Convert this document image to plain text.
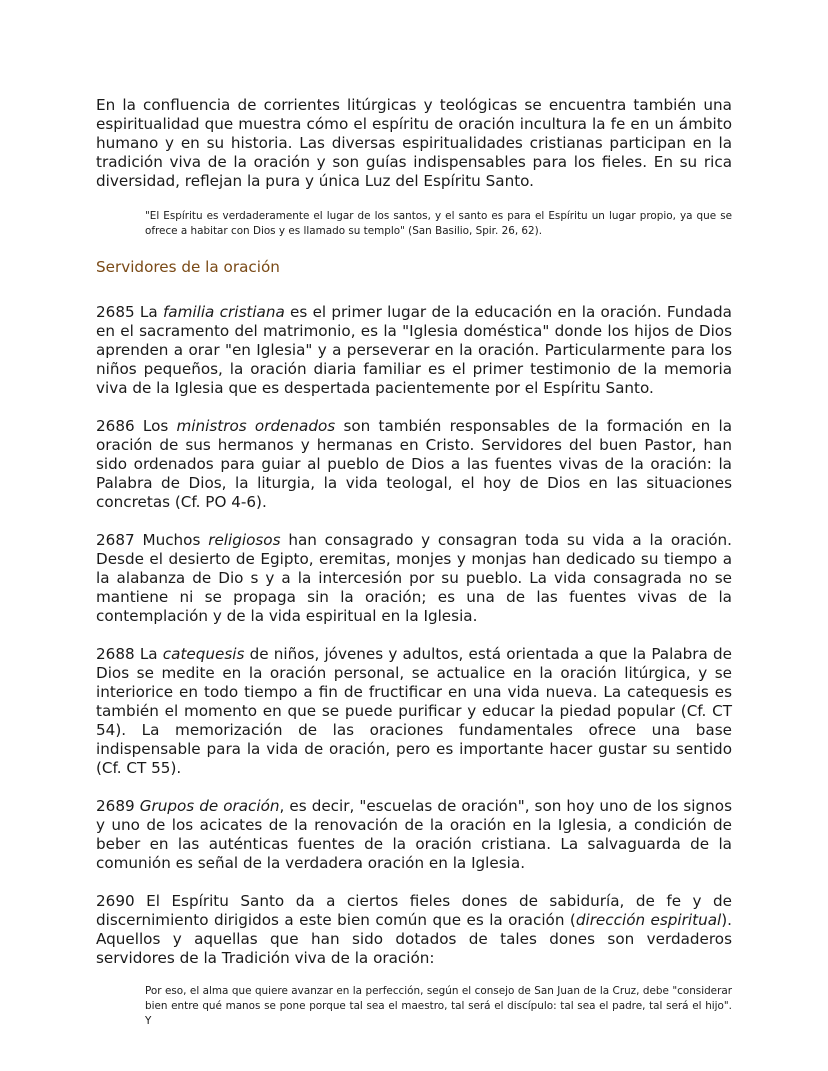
En la confluencia de corrientes litúrgicas y teológicas se encuentra también una espiritualidad que muestra cómo el espíritu de oración incultura la fe en un ámbito humano y en su historia. Las diversas espiritualidades cristianas participan en la tradición viva de la oración y son guías indispensables para los fieles. En su rica diversidad, reflejan la pura y única Luz del Espíritu Santo.

"El Espíritu es verdaderamente el lugar de los santos, y el santo es para el Espíritu un lugar propio, ya que se ofrece a habitar con Dios y es llamado su templo" (San Basilio, Spir. 26, 62).

Servidores de la oración

2685 La familia cristiana es el primer lugar de la educación en la oración. Fundada en el sacramento del matrimonio, es la "Iglesia doméstica" donde los hijos de Dios aprenden a orar "en Iglesia" y a perseverar en la oración. Particularmente para los niños pequeños, la oración diaria familiar es el primer testimonio de la memoria viva de la Iglesia que es despertada pacientemente por el Espíritu Santo.

2686 Los ministros ordenados son también responsables de la formación en la oración de sus hermanos y hermanas en Cristo. Servidores del buen Pastor, han sido ordenados para guiar al pueblo de Dios a las fuentes vivas de la oración: la Palabra de Dios, la liturgia, la vida teologal, el hoy de Dios en las situaciones concretas (Cf. PO 4-6).

2687 Muchos religiosos han consagrado y consagran toda su vida a la oración. Desde el desierto de Egipto, eremitas, monjes y monjas han dedicado su tiempo a la alabanza de Dio s y a la intercesión por su pueblo. La vida consagrada no se mantiene ni se propaga sin la oración; es una de las fuentes vivas de la contemplación y de la vida espiritual en la Iglesia.

2688 La catequesis de niños, jóvenes y adultos, está orientada a que la Palabra de Dios se medite en la oración personal, se actualice en la oración litúrgica, y se interiorice en todo tiempo a fin de fructificar en una vida nueva. La catequesis es también el momento en que se puede purificar y educar la piedad popular (Cf. CT 54). La memorización de las oraciones fundamentales ofrece una base indispensable para la vida de oración, pero es importante hacer gustar su sentido (Cf. CT 55).

2689 Grupos de oración, es decir, "escuelas de oración", son hoy uno de los signos y uno de los acicates de la renovación de la oración en la Iglesia, a condición de beber en las auténticas fuentes de la oración cristiana. La salvaguarda de la comunión es señal de la verdadera oración en la Iglesia.

2690 El Espíritu Santo da a ciertos fieles dones de sabiduría, de fe y de discernimiento dirigidos a este bien común que es la oración (dirección espiritual). Aquellos y aquellas que han sido dotados de tales dones son verdaderos servidores de la Tradición viva de la oración:

Por eso, el alma que quiere avanzar en la perfección, según el consejo de San Juan de la Cruz, debe "considerar bien entre qué manos se pone porque tal sea el maestro, tal será el discípulo: tal sea el padre, tal será el hijo". Y
